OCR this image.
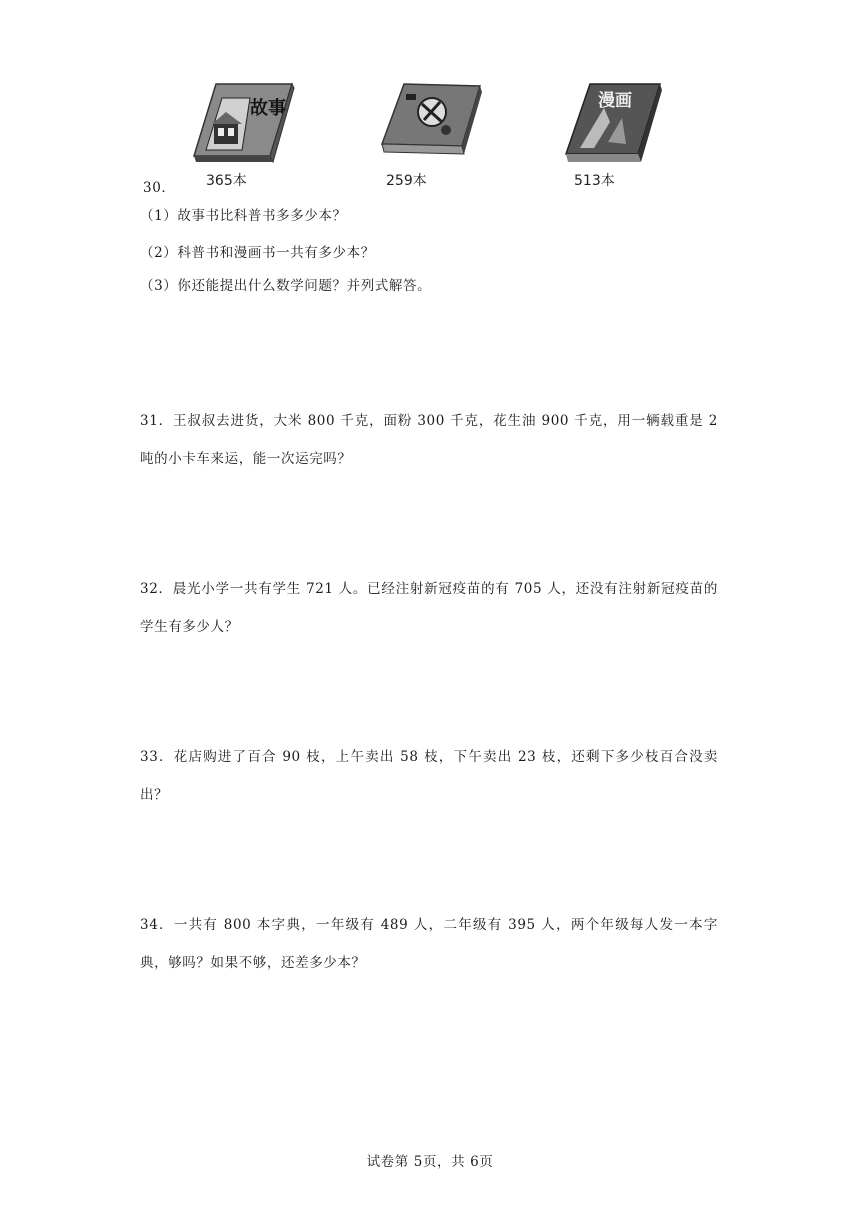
故事
365本	259本
漫画
513本

30．

（1）故事书比科普书多多少本？

（2）科普书和漫画书一共有多少本？

（3）你还能提出什么数学问题？并列式解答。

31．王叔叔去进货，大米 800 千克，面粉 300 千克，花生油 900 千克，用一辆载重是 2 吨的小卡车来运，能一次运完吗？

32．晨光小学一共有学生 721 人。已经注射新冠疫苗的有 705 人，还没有注射新冠疫苗的学生有多少人？

33．花店购进了百合 90 枝，上午卖出 58 枝，下午卖出 23 枝，还剩下多少枝百合没卖出？

34．一共有 800 本字典，一年级有 489 人，二年级有 395 人，两个年级每人发一本字典，够吗？如果不够，还差多少本？

试卷第 5页，共 6页
